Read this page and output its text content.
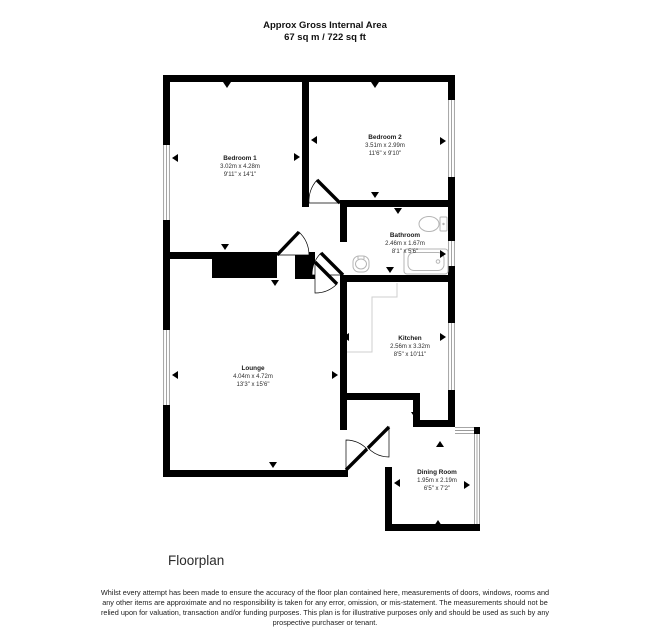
Approx Gross Internal Area
67 sq m / 722 sq ft
Bedroom 1
3.02m x 4.28m
9'11" x 14'1"
Bedroom 2
3.51m x 2.99m
11'6" x 9'10"
Bathroom
2.46m x 1.67m
8'1" x 5'6"
Kitchen
2.56m x 3.32m
8'5" x 10'11"
Lounge
4.04m x 4.72m
13'3" x 15'6"
Dining Room
1.95m x 2.19m
6'5" x 7'2"
Floorplan
Whilst every attempt has been made to ensure the accuracy of the floor plan contained here, measurements of doors, windows, rooms and
any other items are approximate and no responsibility is taken for any error, omission, or mis-statement. The measurements should not be
relied upon for valuation, transaction and/or funding purposes. This plan is for illustrative purposes only and should be used as such by any
prospective purchaser or tenant.
